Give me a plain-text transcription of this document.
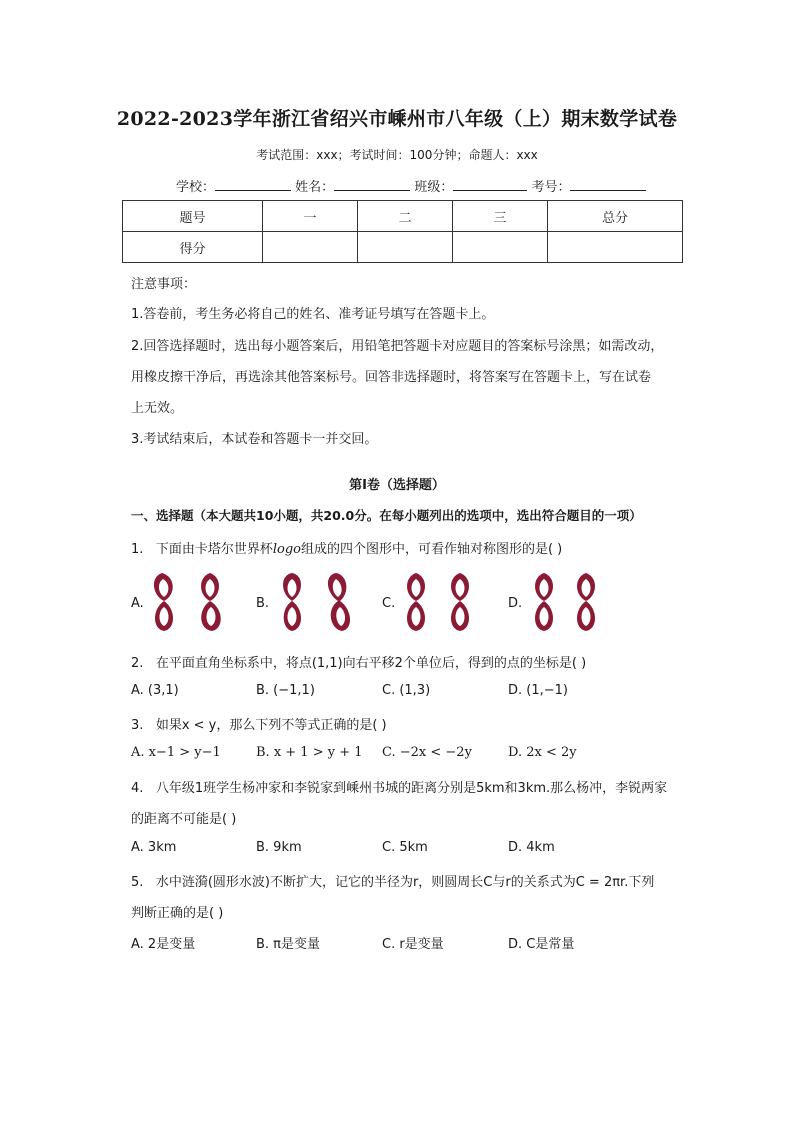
2022-2023学年浙江省绍兴市嵊州市八年级（上）期末数学试卷
考试范围：xxx；考试时间：100分钟；命题人：xxx
学校：	姓名：	班级：	考号：
题号	一	二	三	总分
得分				
注意事项：
1.答卷前，考生务必将自己的姓名、准考证号填写在答题卡上。
2.回答选择题时，选出每小题答案后，用铅笔把答题卡对应题目的答案标号涂黑；如需改动，
用橡皮擦干净后，再选涂其他答案标号。回答非选择题时，将答案写在答题卡上，写在试卷
上无效。
3.考试结束后，本试卷和答题卡一并交回。
第I卷（选择题）
一、选择题（本大题共10小题，共20.0分。在每小题列出的选项中，选出符合题目的一项）
1. 下面由卡塔尔世界杯logo组成的四个图形中，可看作轴对称图形的是( )
A.	B.	C.	D.
2. 在平面直角坐标系中，将点(1,1)向右平移2个单位后，得到的点的坐标是( )
A. (3,1)	B. (−1,1)	C. (1,3)	D. (1,−1)
3. 如果x < y，那么下列不等式正确的是( )
A. x−1 > y−1	B. x + 1 > y + 1 C. −2x < −2y	D. 2x < 2y
4. 八年级1班学生杨冲家和李锐家到嵊州书城的距离分别是5km和3km.那么杨冲，李锐两家
的距离不可能是( )
A. 3km	B. 9km	C. 5km	D. 4km
5. 水中涟漪(圆形水波)不断扩大，记它的半径为r，则圆周长C与r的关系式为C = 2πr.下列
判断正确的是( )
A. 2是变量	B. π是变量	C. r是变量	D. C是常量
